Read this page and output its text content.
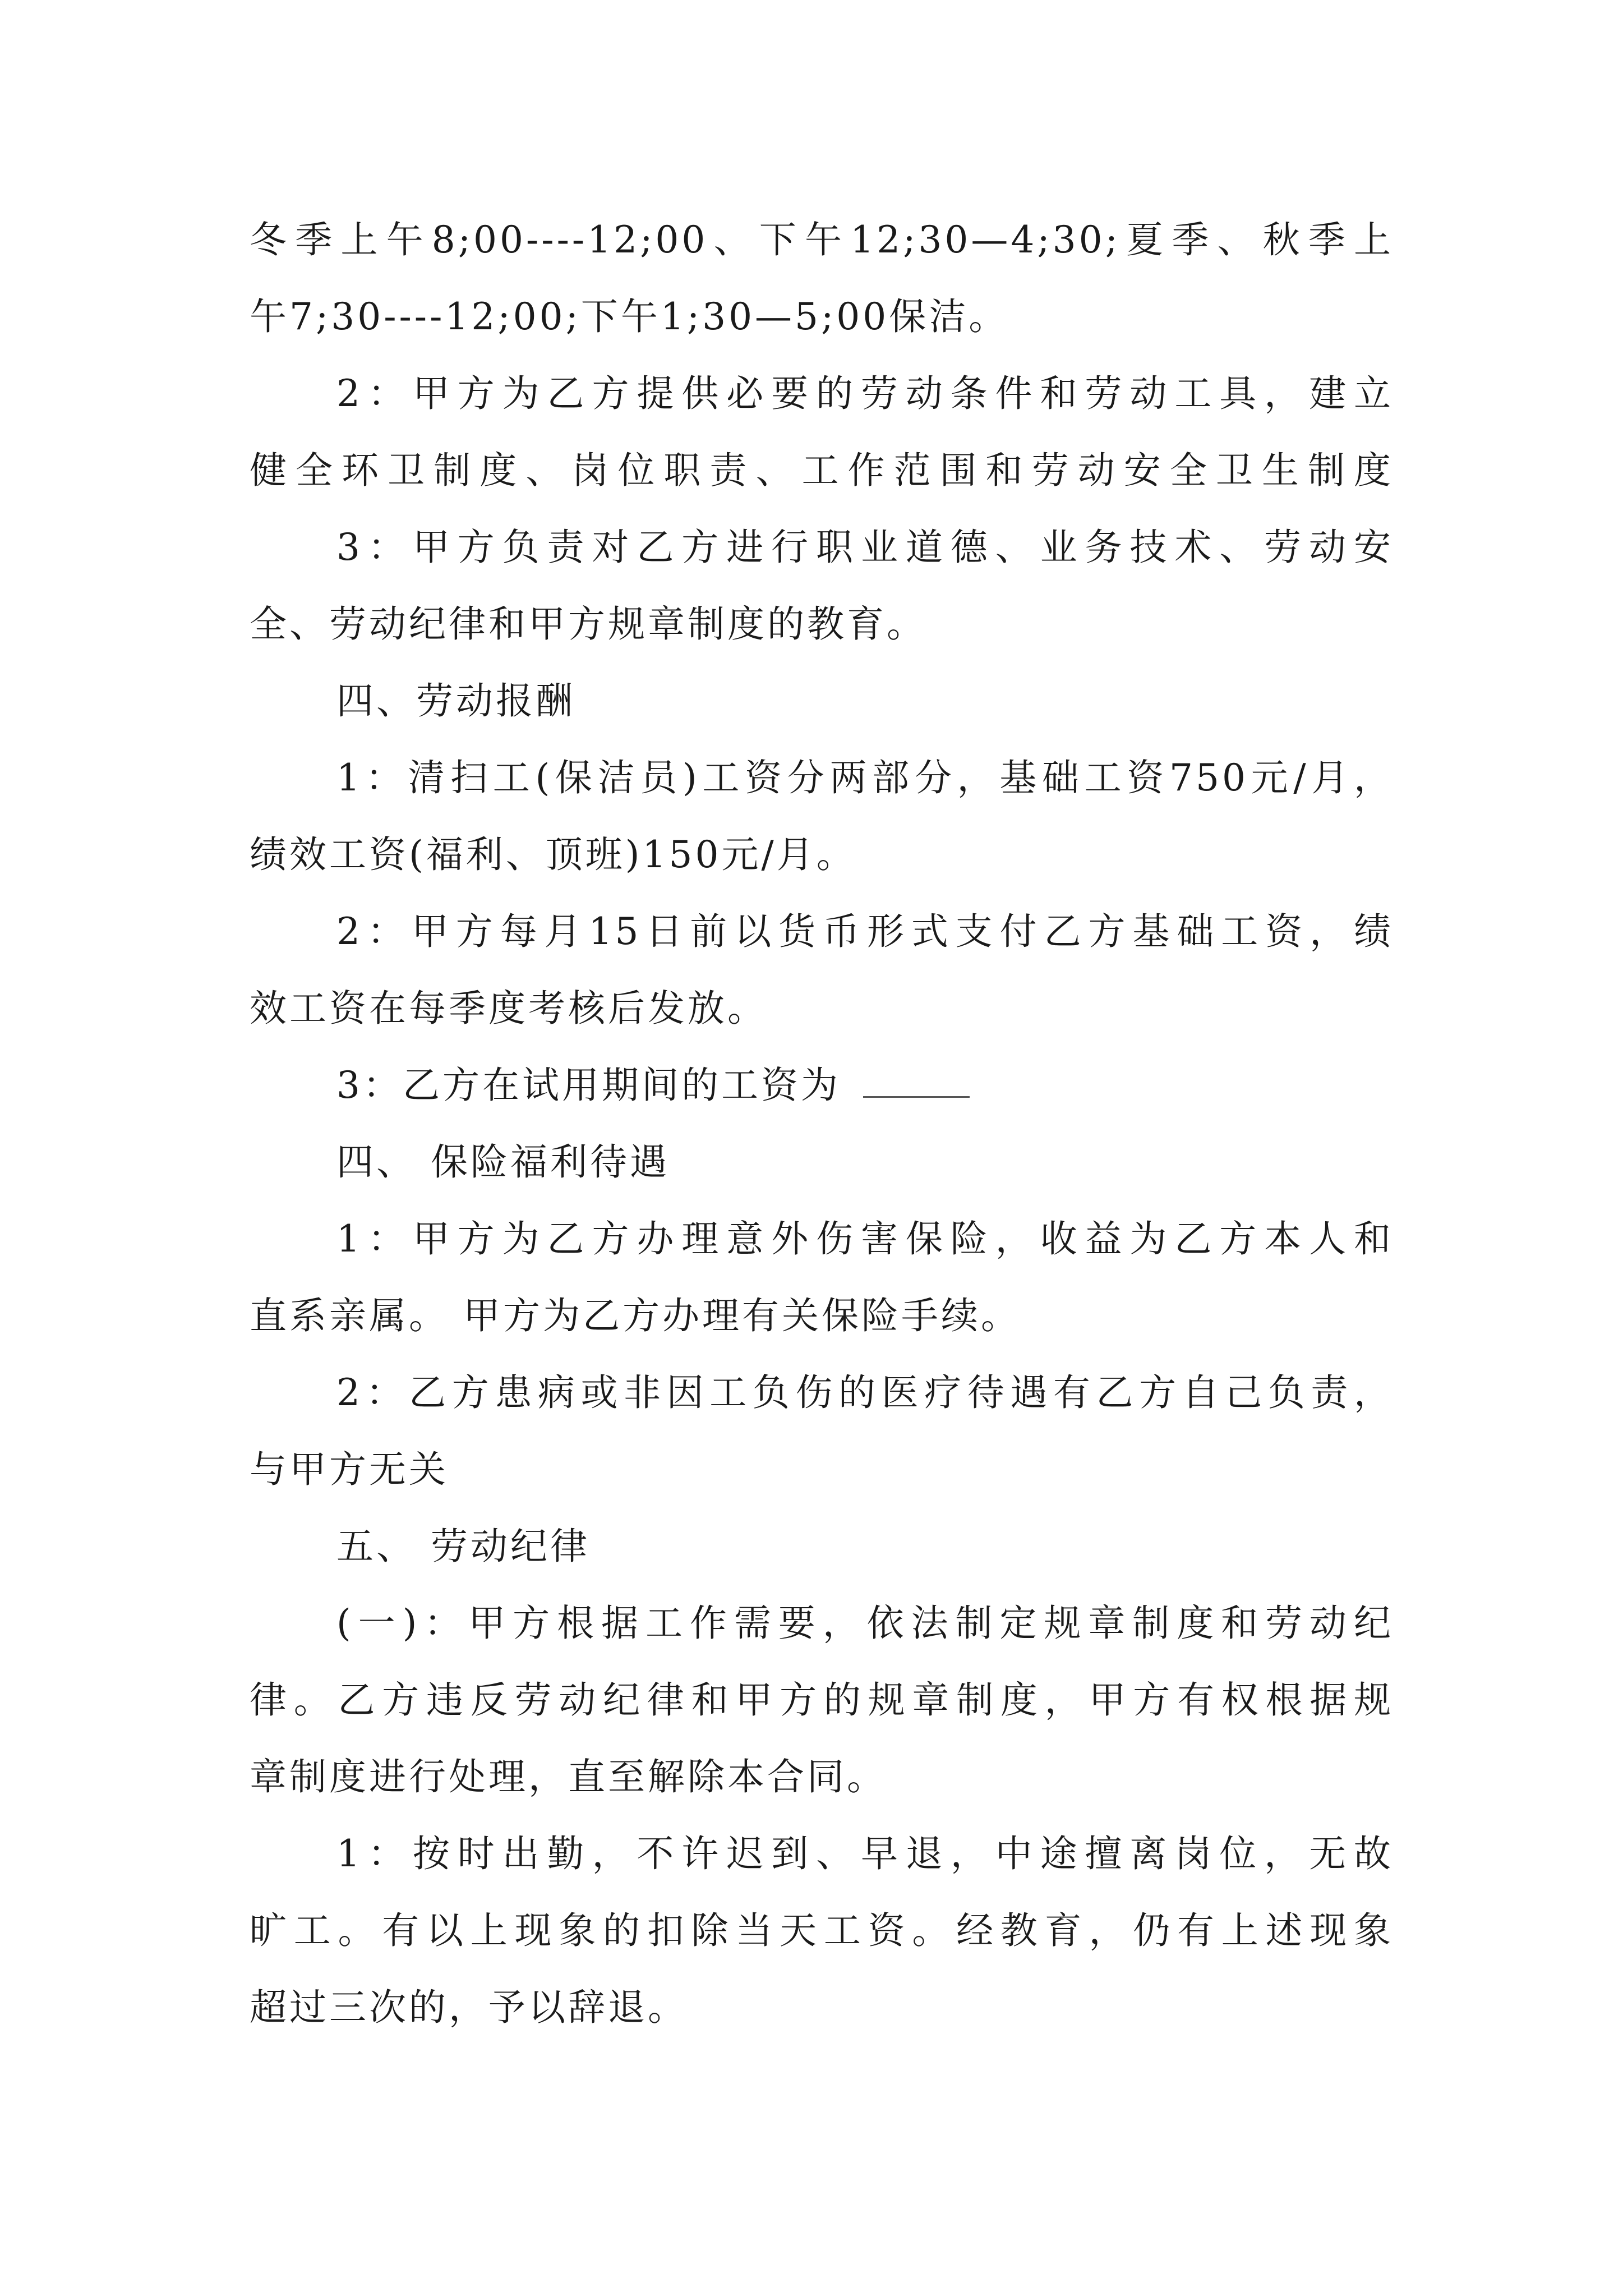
冬季上午8;00----12;00、下午12;30—4;30;夏季、秋季上
午7;30----12;00;下午1;30—5;00保洁。
2：甲方为乙方提供必要的劳动条件和劳动工具，建立
健全环卫制度、岗位职责、工作范围和劳动安全卫生制度
3：甲方负责对乙方进行职业道德、业务技术、劳动安
全、劳动纪律和甲方规章制度的教育。
四、劳动报酬
1：清扫工(保洁员)工资分两部分，基础工资750元/月，
绩效工资(福利、顶班)150元/月。
2：甲方每月15日前以货币形式支付乙方基础工资，绩
效工资在每季度考核后发放。
3：乙方在试用期间的工资为
四、 保险福利待遇
1：甲方为乙方办理意外伤害保险，收益为乙方本人和
直系亲属。 甲方为乙方办理有关保险手续。
2：乙方患病或非因工负伤的医疗待遇有乙方自己负责，
与甲方无关
五、 劳动纪律
(一)：甲方根据工作需要，依法制定规章制度和劳动纪
律。乙方违反劳动纪律和甲方的规章制度，甲方有权根据规
章制度进行处理，直至解除本合同。
1：按时出勤，不许迟到、早退，中途擅离岗位，无故
旷工。有以上现象的扣除当天工资。经教育，仍有上述现象
超过三次的，予以辞退。
